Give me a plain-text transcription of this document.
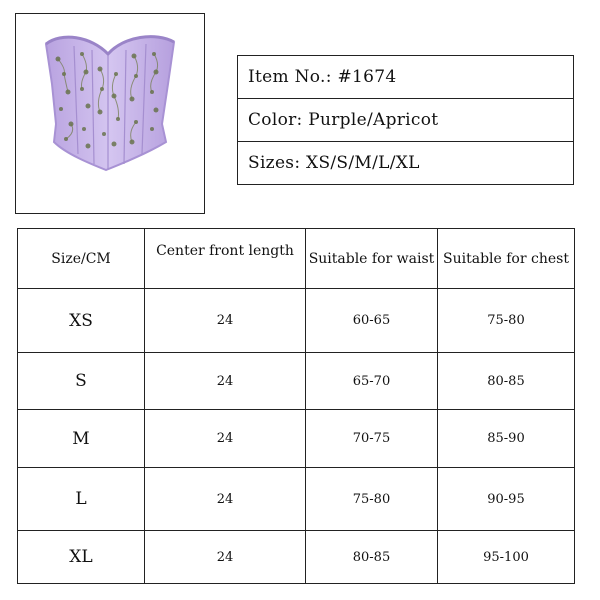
Item No.: #1674
Color: Purple/Apricot
Sizes: XS/S/M/L/XL
Size/CM	Center front length	Suitable for waist	Suitable for chest
XS	24	60-65	75-80
S	24	65-70	80-85
M	24	70-75	85-90
L	24	75-80	90-95
XL	24	80-85	95-100
